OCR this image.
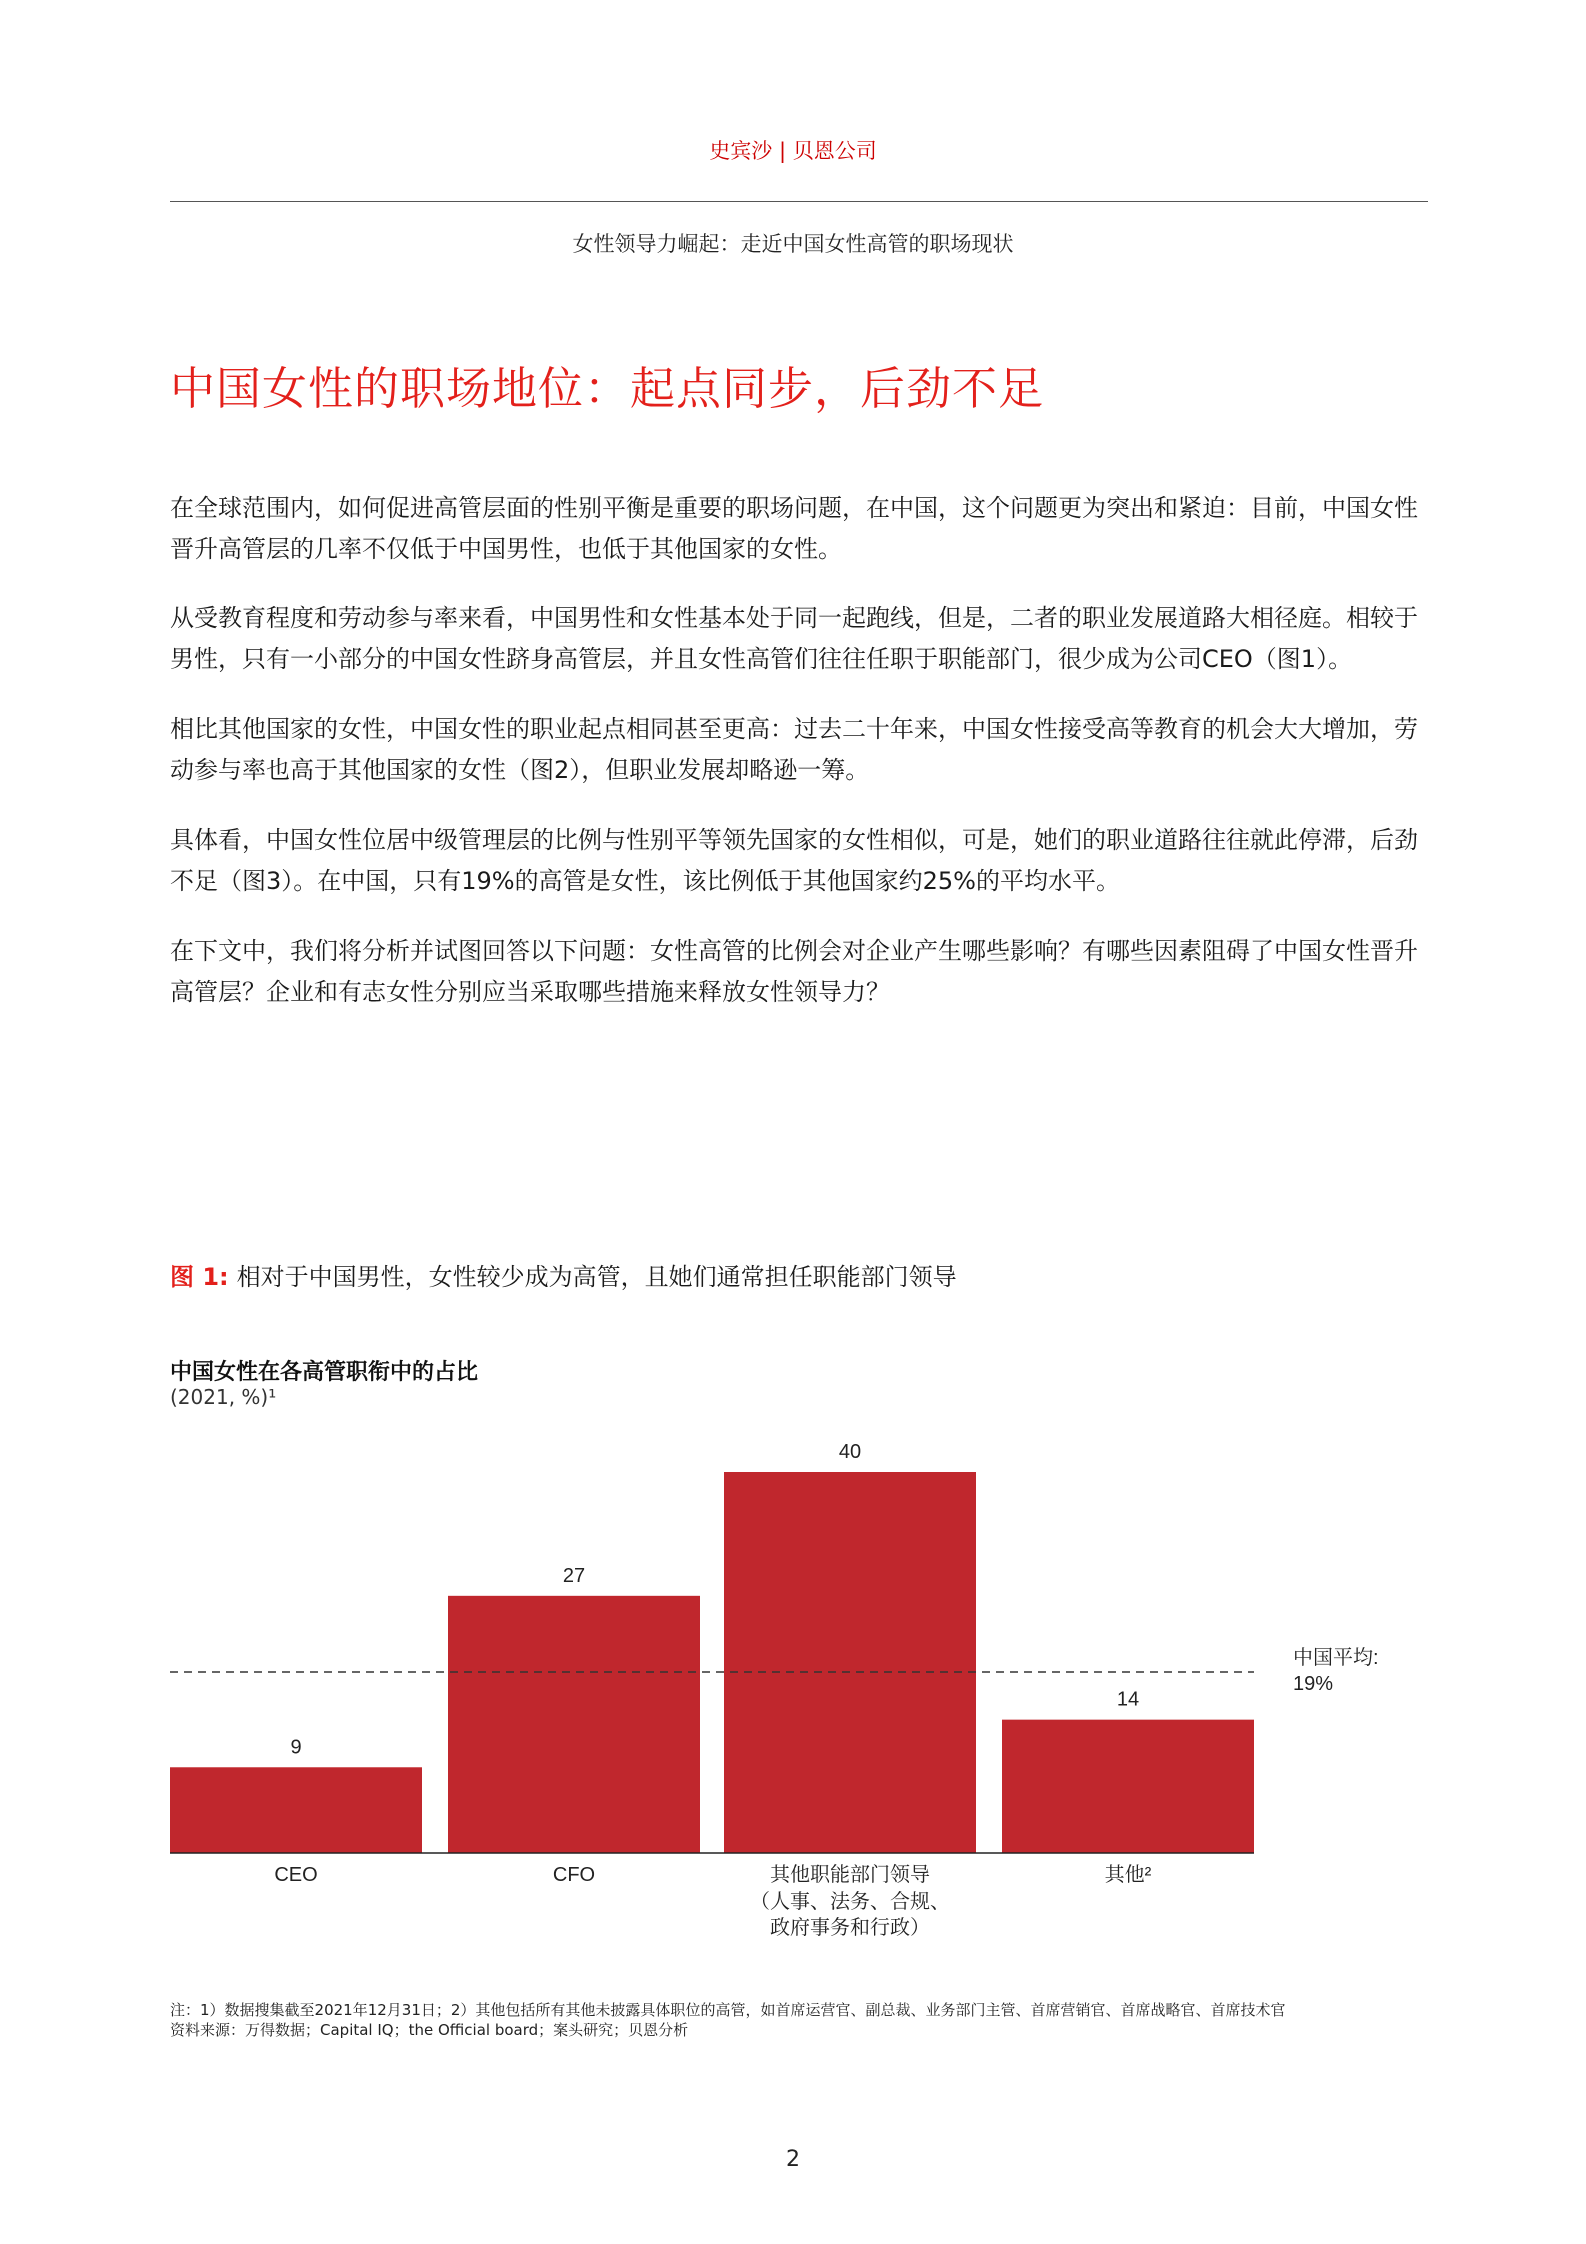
史宾沙 | 贝恩公司
女性领导力崛起：走近中国女性高管的职场现状
中国女性的职场地位：起点同步，后劲不足
在全球范围内，如何促进高管层面的性别平衡是重要的职场问题，在中国，这个问题更为突出和紧迫：目前，中国女性晋升高管层的几率不仅低于中国男性，也低于其他国家的女性。
从受教育程度和劳动参与率来看，中国男性和女性基本处于同一起跑线，但是，二者的职业发展道路大相径庭。相较于男性，只有一小部分的中国女性跻身高管层，并且女性高管们往往任职于职能部门，很少成为公司CEO（图1）。
相比其他国家的女性，中国女性的职业起点相同甚至更高：过去二十年来，中国女性接受高等教育的机会大大增加，劳动参与率也高于其他国家的女性（图2），但职业发展却略逊一筹。
具体看，中国女性位居中级管理层的比例与性别平等领先国家的女性相似，可是，她们的职业道路往往就此停滞，后劲不足（图3）。在中国，只有19%的高管是女性，该比例低于其他国家约25%的平均水平。
在下文中，我们将分析并试图回答以下问题：女性高管的比例会对企业产生哪些影响？有哪些因素阻碍了中国女性晋升高管层？企业和有志女性分别应当采取哪些措施来释放女性领导力？
图 1: 相对于中国男性，女性较少成为高管，且她们通常担任职能部门领导
中国女性在各高管职衔中的占比
(2021, %)¹
9
CEO
27
CFO
40
其他职能部门领导
（人事、法务、合规、
政府事务和行政）
14
其他²
中国平均:
19%
注：1）数据搜集截至2021年12月31日；2）其他包括所有其他未披露具体职位的高管，如首席运营官、副总裁、业务部门主管、首席营销官、首席战略官、首席技术官
资料来源：万得数据；Capital IQ；the Official board；案头研究；贝恩分析
2
